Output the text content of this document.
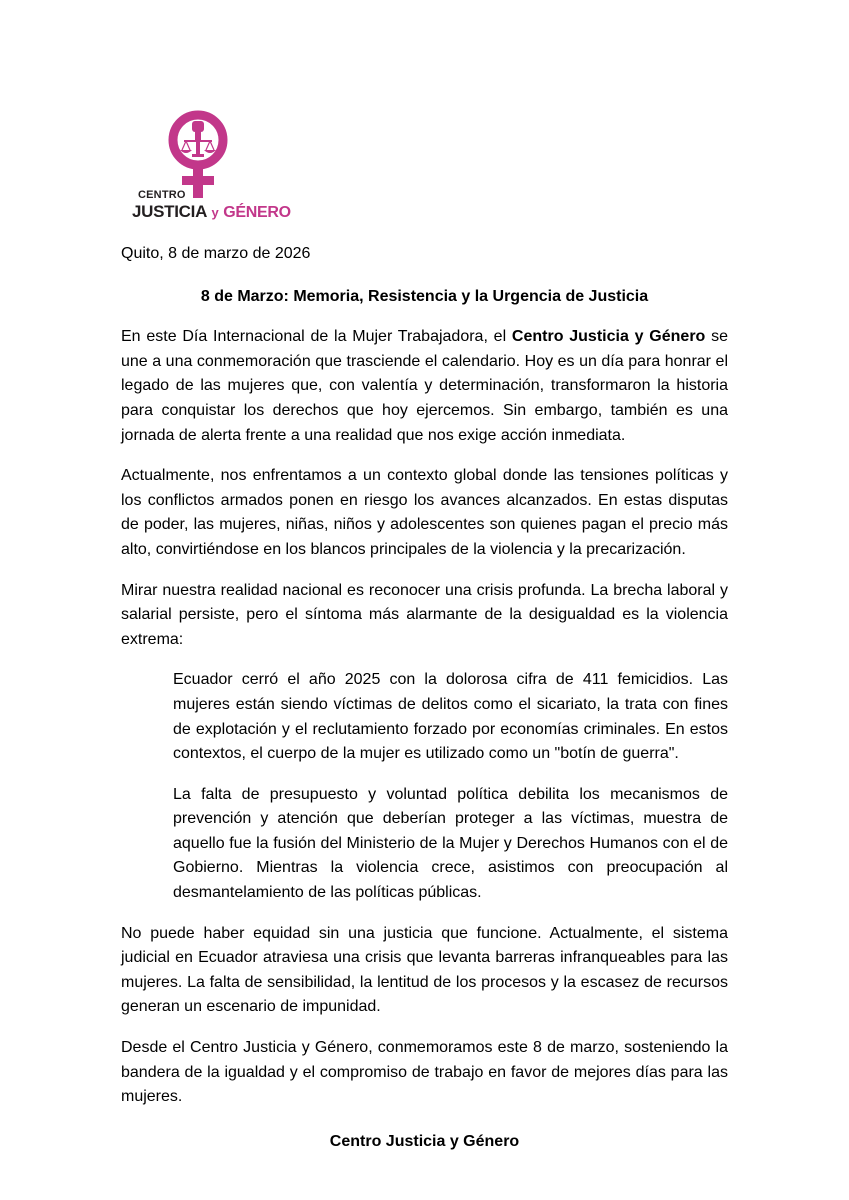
CENTRO
JUSTICIA y GÉNERO

Quito, 8 de marzo de 2026

8 de Marzo: Memoria, Resistencia y la Urgencia de Justicia

En este Día Internacional de la Mujer Trabajadora, el Centro Justicia y Género se une a una conmemoración que trasciende el calendario. Hoy es un día para honrar el legado de las mujeres que, con valentía y determinación, transformaron la historia para conquistar los derechos que hoy ejercemos. Sin embargo, también es una jornada de alerta frente a una realidad que nos exige acción inmediata.

Actualmente, nos enfrentamos a un contexto global donde las tensiones políticas y los conflictos armados ponen en riesgo los avances alcanzados. En estas disputas de poder, las mujeres, niñas, niños y adolescentes son quienes pagan el precio más alto, convirtiéndose en los blancos principales de la violencia y la precarización.

Mirar nuestra realidad nacional es reconocer una crisis profunda. La brecha laboral y salarial persiste, pero el síntoma más alarmante de la desigualdad es la violencia extrema:

Ecuador cerró el año 2025 con la dolorosa cifra de 411 femicidios. Las mujeres están siendo víctimas de delitos como el sicariato, la trata con fines de explotación y el reclutamiento forzado por economías criminales. En estos contextos, el cuerpo de la mujer es utilizado como un "botín de guerra".

La falta de presupuesto y voluntad política debilita los mecanismos de prevención y atención que deberían proteger a las víctimas, muestra de aquello fue la fusión del Ministerio de la Mujer y Derechos Humanos con el de Gobierno. Mientras la violencia crece, asistimos con preocupación al desmantelamiento de las políticas públicas.

No puede haber equidad sin una justicia que funcione. Actualmente, el sistema judicial en Ecuador atraviesa una crisis que levanta barreras infranqueables para las mujeres. La falta de sensibilidad, la lentitud de los procesos y la escasez de recursos generan un escenario de impunidad.

Desde el Centro Justicia y Género, conmemoramos este 8 de marzo, sosteniendo la bandera de la igualdad y el compromiso de trabajo en favor de mejores días para las mujeres.

Centro Justicia y Género
